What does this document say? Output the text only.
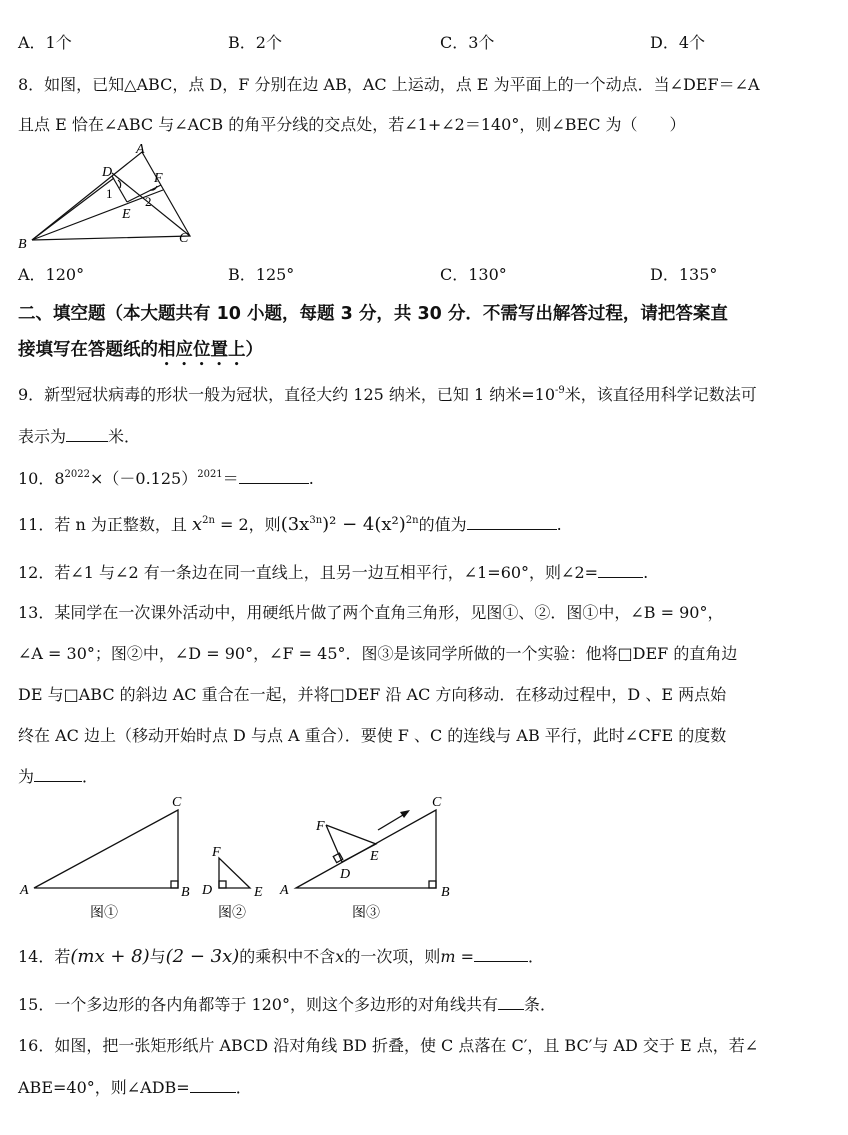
A．1个	B．2个	C．3个	D．4个
8．如图，已知△ABC，点 D，F 分别在边 AB，AC 上运动，点 E 为平面上的一个动点．当∠DEF＝∠A
且点 E 恰在∠ABC 与∠ACB 的角平分线的交点处，若∠1+∠2＝140°，则∠BEC 为（　　）
A
B	C
D
E
F
1
2
A．120°	B．125°	C．130°	D．135°
二、填空题（本大题共有 10 小题，每题 3 分，共 30 分．不需写出解答过程，请把答案直
接填写在答题纸的相应位置上）
9．新型冠状病毒的形状一般为冠状，直径大约 125 纳米，已知 1 纳米$=10^{-9}$米，该直径用科学记数法可
表示为	米．
10．$8^{2022}\times(-0.125)^{2021}=$	.
11．若 n 为正整数，且 $x^{2n} = 2$，则$(3x^{3n})^2 - 4(x^2)^{2n}$的值为	.
12．若∠1 与∠2 有一条边在同一直线上，且另一边互相平行，∠1=60°，则∠2=	.
13．某同学在一次课外活动中，用硬纸片做了两个直角三角形，见图①、②．图①中，∠B = 90°，
∠A = 30°；图②中，∠D = 90°，∠F = 45°．图③是该同学所做的一个实验：他将□DEF 的直角边
DE 与□ABC 的斜边 AC 重合在一起，并将□DEF 沿 AC 方向移动．在移动过程中，D 、E 两点始
终在 AC 边上（移动开始时点 D 与点 A 重合）．要使 F 、C 的连线与 AB 平行，此时∠CFE 的度数
为	．
A	B
C
D	E
F
A	B
C
F
E
D
图①	图②	图③
14．若(mx + 8)与(2 − 3x)的乘积中不含x的一次项，则m =	．
15．一个多边形的各内角都等于 120°，则这个多边形的对角线共有 条．
16．如图，把一张矩形纸片 ABCD 沿对角线 BD 折叠，使 C 点落在 C′，且 BC′与 AD 交于 E 点，若∠
ABE=40°，则∠ADB=	．
